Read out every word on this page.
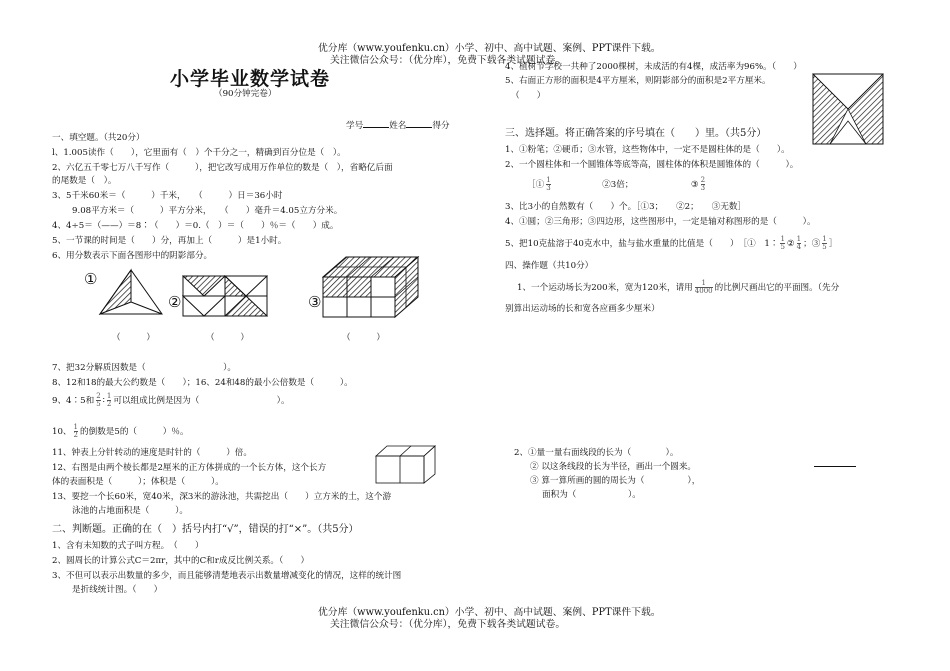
优分库（www.youfenku.cn）小学、初中、高中试题、案例、PPT课件下载。
关注微信公众号：（优分库），免费下载各类试题试卷。
小学毕业数学试卷
（90分钟完卷）
学号	姓名	得分
一、填空题。（共20分）
l、1.005读作（　　），它里面有（　）个千分之一，精确到百分位是（　）。
2、六亿五千零七万八千写作（　　　），把它改写成用万作单位的数是（　），省略亿后面
的尾数是（　）。
3、5千米60米＝（　　　）千米，　　（　　　）日＝36小时
9.08平方米＝（　　　）平方分米，　　（　　）毫升＝4.05立方分米。
4、4÷5＝（——）＝8∶（　　）＝0.（　）＝（　　）％＝（　　）成。
5、一节课的时间是（　　）分，再加上（　　　）是1小时。
6、用分数表示下面各图形中的阴影部分。
①
②	③
（　　　）	（　　　）	（　　　）
7、把32分解质因数是（　　　　　　　　　）。
8、12和18的最大公约数是（　　）；16、24和48的最小公倍数是（　　　）。
9、4∶5和 $\frac{2}{5}$ ∶ $\frac{1}{2}$ 可以组成比例是因为（　　　　　　　　　）。
10、 $\frac{1}{2}$ 的倒数是5的（　　　）％。
11、钟表上分针转动的速度是时针的（　　　）倍。
12、右图是由两个棱长都是2厘米的正方体拼成的一个长方体，这个长方
体的表面积是（　　　）；体积是（　　　）。
13、要挖一个长60米，宽40米，深3米的游泳池，共需挖出（　　）立方米的土，这个游
泳池的占地面积是（　　　）。
二、判断题。正确的在（　）括号内打“√”，错误的打“×”。（共5分）
1、含有未知数的式子叫方程。　（　　）
2、圆周长的计算公式C＝2πr，其中的C和r成反比例关系。（　　）
3、不但可以表示出数量的多少，而且能够清楚地表示出数量增减变化的情况，这样的统计图
是折线统计图。（　　）
4、植树节学校一共种了2000棵树，未成活的有4棵，成活率为96%。（　　）
5、右面正方形的面积是4平方厘米，则阴影部分的面积是2平方厘米。
（　　）
三、选择题。将正确答案的序号填在（　　）里。（共5分）
1、①粉笔；②硬币；③水管，这些物体中，一定不是圆柱体的是（　　）。
2、一个圆柱体和一个圆锥体等底等高，圆柱体的体积是圆锥体的（　　　）。
［① $\frac{1}{3}$	②3倍；	③ $\frac{2}{3}$
3、比3小的自然数有（　　）个。［①3；　　②2；　　③无数］
4、①圆；②三角形；③四边形，这些图形中，一定是轴对称图形的是（　　　）。
5、把10克盐溶于40克水中，盐与盐水重量的比值是（　　）　［①　1∶ $\frac{1}{5}$ ② $\frac{1}{4}$ ；③ $\frac{1}{5}$ ］
四、操作题（共10分）
1、一个运动场长为200米，宽为120米，请用 $\frac{1}{4000}$ 的比例尺画出它的平面图。（先分
别算出运动场的长和宽各应画多少厘米）
2、①量一量右面线段的长为（　　　　）。
② 以这条线段的长为半径，画出一个圆来。
③ 算一算所画的圆的周长为（　　　　　），
面积为（　　　　　　）。
优分库（www.youfenku.cn）小学、初中、高中试题、案例、PPT课件下载。
关注微信公众号：（优分库），免费下载各类试题试卷。
